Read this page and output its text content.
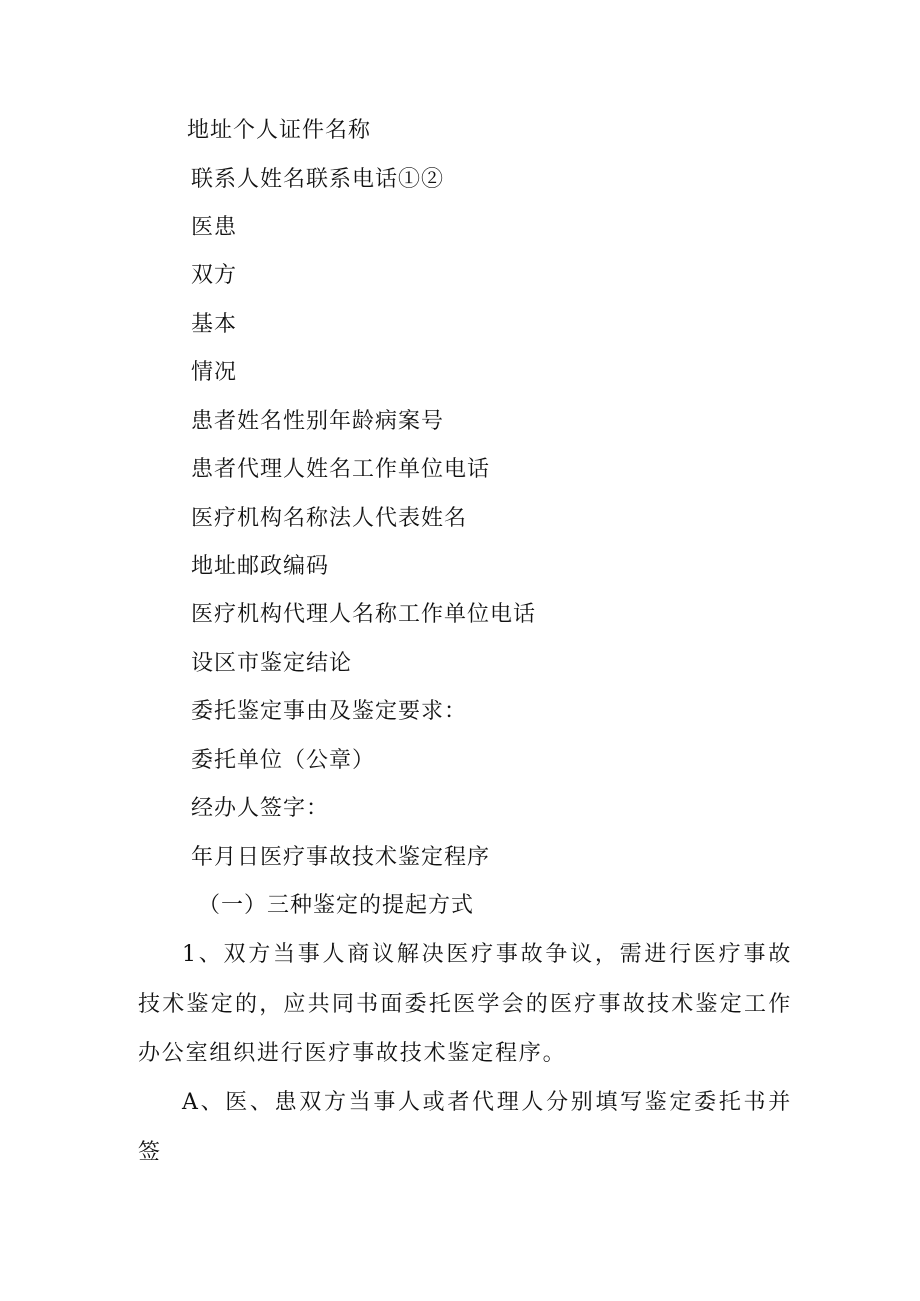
地址个人证件名称
联系人姓名联系电话①②
医患
双方
基本
情况
患者姓名性别年龄病案号
患者代理人姓名工作单位电话
医疗机构名称法人代表姓名
地址邮政编码
医疗机构代理人名称工作单位电话
设区市鉴定结论
委托鉴定事由及鉴定要求：
委托单位（公章）
经办人签字：
年月日医疗事故技术鉴定程序
（一）三种鉴定的提起方式
1、双方当事人商议解决医疗事故争议，需进行医疗事故技术鉴定的，应共同书面委托医学会的医疗事故技术鉴定工作办公室组织进行医疗事故技术鉴定程序。
A、医、患双方当事人或者代理人分别填写鉴定委托书并签
